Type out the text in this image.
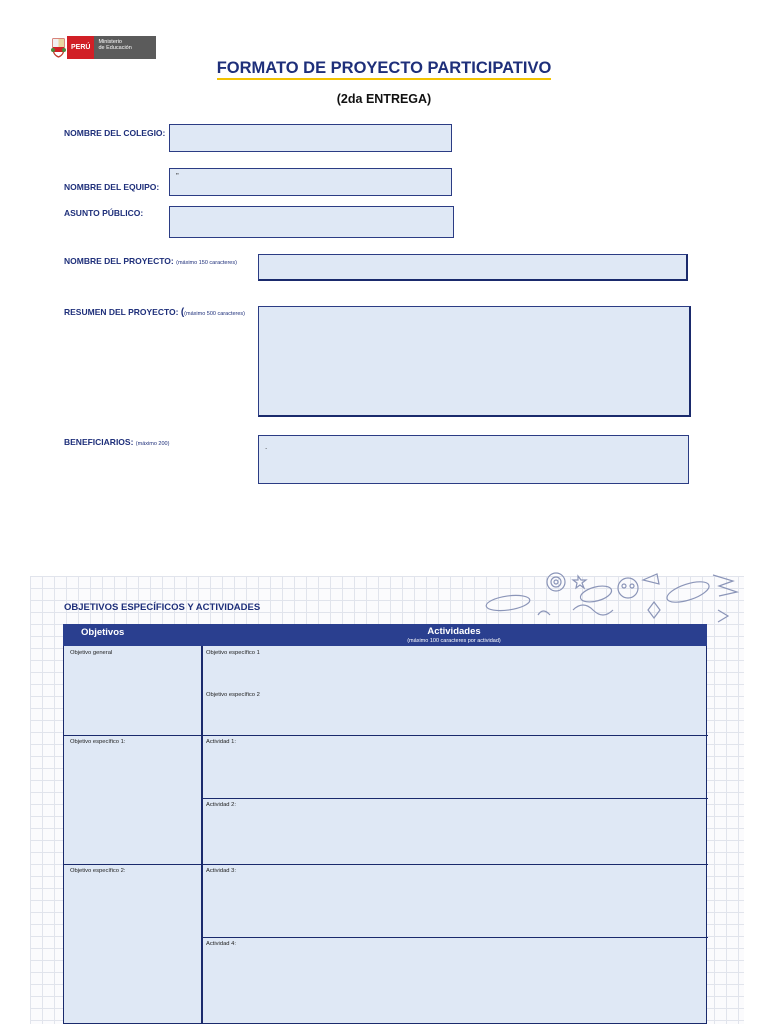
PERÚ
Ministerio
de Educación
FORMATO DE PROYECTO PARTICIPATIVO
(2da ENTREGA)
NOMBRE DEL COLEGIO:
NOMBRE DEL EQUIPO:
”
ASUNTO PÚBLICO:
NOMBRE DEL PROYECTO: (máximo 150 caracteres)
RESUMEN DEL PROYECTO: ((máximo 500 caracteres)
BENEFICIARIOS: (máximo 200)	.
OBJETIVOS ESPECÍFICOS Y ACTIVIDADES
Objetivos	Actividades
(máximo 100 caracteres por actividad)
Objetivo general	Objetivo específico 1
Objetivo específico 2
Objetivo específico 1:	Actividad 1:
Actividad 2:
Objetivo específico 2:	Actividad 3:
Actividad 4:
